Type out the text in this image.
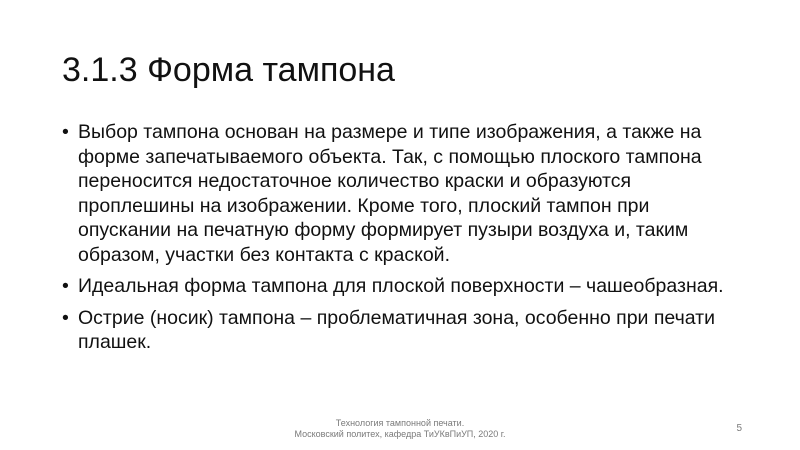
3.1.3 Форма тампона
• Выбор тампона основан на размере и типе изображения, а также на форме запечатываемого объекта. Так, с помощью плоского тампона переносится недостаточное количество краски и образуются проплешины на изображении. Кроме того, плоский тампон при опускании на печатную форму формирует пузыри воздуха и, таким образом, участки без контакта с краской.
• Идеальная форма тампона для плоской поверхности – чашеобразная.
• Острие (носик) тампона – проблематичная зона, особенно при печати плашек.
Технология тампонной печати.
Московский политех, кафедра ТиУКвПиУП, 2020 г.	5
